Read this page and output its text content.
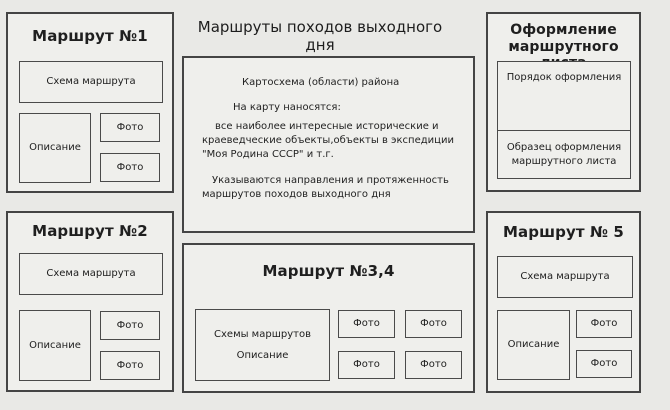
Маршруты походов выходного дня
Маршрут №1
Схема маршрута
Описание
Фото
Фото
Маршрут №2
Схема маршрута
Описание
Фото
Фото
Картосхема (области) района
На карту наносятся:
все наиболее интересные исторические и
краеведческие объекты,объекты в экспедиции
"Моя Родина СССР" и т.г.
Указываются направления и протяженность
маршрутов походов выходного дня
Маршрут №3,4
Схемы маршрутов
Описание
Фото	Фото
Фото	Фото
Оформление
маршрутного
Порядок оформления
Образец оформления
маршрутного листа
Маршрут № 5
Схема маршрута
Описание
Фото
Фото
